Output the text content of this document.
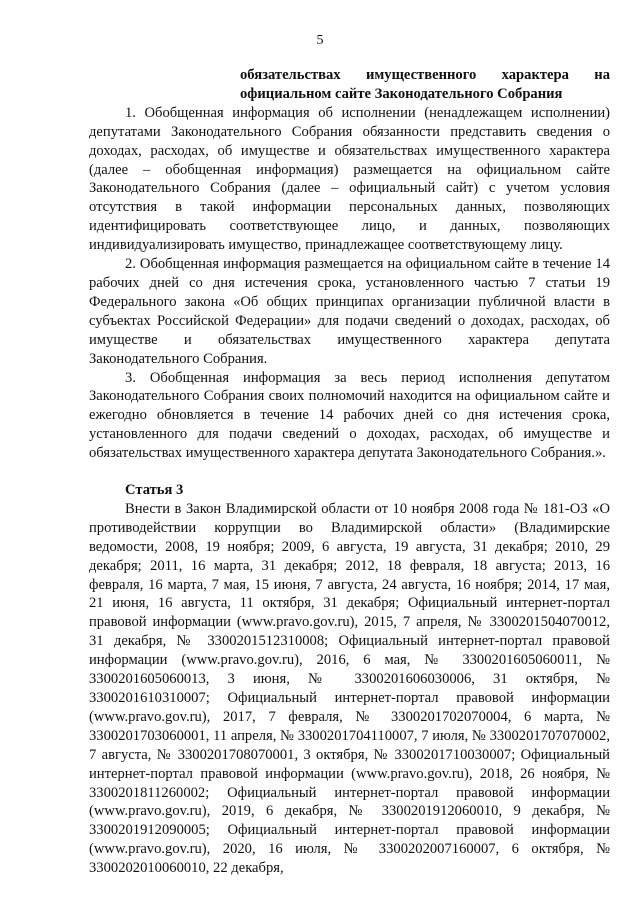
5
обязательствах имущественного характера на
официальном сайте Законодательного Собрания

1. Обобщенная информация об исполнении (ненадлежащем исполнении) депутатами Законодательного Собрания обязанности представить сведения о доходах, расходах, об имуществе и обязательствах имущественного характера (далее – обобщенная информация) размещается на официальном сайте Законодательного Собрания (далее – официальный сайт) с учетом условия отсутствия в такой информации персональных данных, позволяющих идентифицировать соответствующее лицо, и данных, позволяющих индивидуализировать имущество, принадлежащее соответствующему лицу.

2. Обобщенная информация размещается на официальном сайте в течение 14 рабочих дней со дня истечения срока, установленного частью 7 статьи 19 Федерального закона «Об общих принципах организации публичной власти в субъектах Российской Федерации» для подачи сведений о доходах, расходах, об имуществе и обязательствах имущественного характера депутата Законодательного Собрания.

3. Обобщенная информация за весь период исполнения депутатом Законодательного Собрания своих полномочий находится на официальном сайте и ежегодно обновляется в течение 14 рабочих дней со дня истечения срока, установленного для подачи сведений о доходах, расходах, об имуществе и обязательствах имущественного характера депутата Законодательного Собрания.».

Статья 3

Внести в Закон Владимирской области от 10 ноября 2008 года № 181-ОЗ «О противодействии коррупции во Владимирской области» (Владимирские ведомости, 2008, 19 ноября; 2009, 6 августа, 19 августа, 31 декабря; 2010, 29 декабря; 2011, 16 марта, 31 декабря; 2012, 18 февраля, 18 августа; 2013, 16 февраля, 16 марта, 7 мая, 15 июня, 7 августа, 24 августа, 16 ноября; 2014, 17 мая, 21 июня, 16 августа, 11 октября, 31 декабря; Официальный интернет-портал правовой информации (www.pravo.gov.ru), 2015, 7 апреля, № 3300201504070012, 31 декабря, № 3300201512310008; Официальный интернет-портал правовой информации (www.pravo.gov.ru), 2016, 6 мая, № 3300201605060011, № 3300201605060013, 3 июня, № 3300201606030006, 31 октября, № 3300201610310007; Официальный интернет-портал правовой информации (www.pravo.gov.ru), 2017, 7 февраля, № 3300201702070004, 6 марта, № 3300201703060001, 11 апреля, № 3300201704110007, 7 июля, № 3300201707070002, 7 августа, № 3300201708070001, 3 октября, № 3300201710030007; Официальный интернет-портал правовой информации (www.pravo.gov.ru), 2018, 26 ноября, № 3300201811260002; Официальный интернет-портал правовой информации (www.pravo.gov.ru), 2019, 6 декабря, № 3300201912060010, 9 декабря, № 3300201912090005; Официальный интернет-портал правовой информации (www.pravo.gov.ru), 2020, 16 июля, № 3300202007160007, 6 октября, № 3300202010060010, 22 декабря,
